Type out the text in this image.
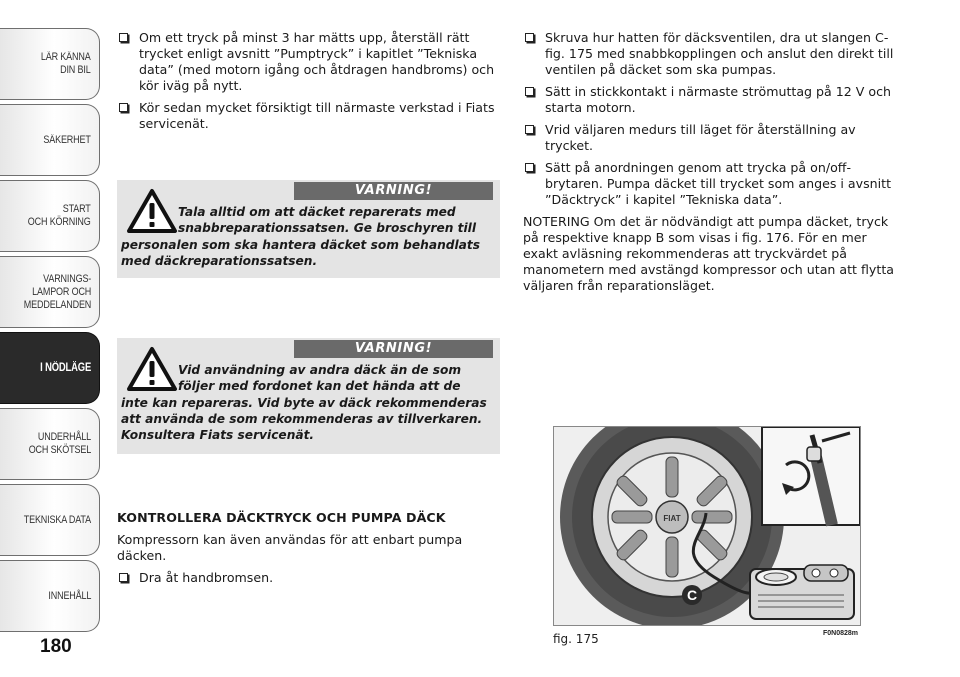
LÄR KÄNNA
DIN BIL
SÄKERHET
START
OCH KÖRNING
VARNINGS-
LAMPOR OCH
MEDDELANDEN
I NÖDLÄGE
UNDERHÅLL
OCH SKÖTSEL
TEKNISKA DATA
INNEHÅLL
180
Om ett tryck på minst 3 har mätts upp, återställ rätt trycket enligt avsnitt ”Pumptryck” i kapitlet ”Tekniska data” (med motorn igång och åtdragen handbroms) och kör iväg på nytt.
Kör sedan mycket försiktigt till närmaste verkstad i Fiats servicenät.
VARNING!
Tala alltid om att däcket reparerats med snabbreparationssatsen. Ge broschyren till
personalen som ska hantera däcket som behandlats med däckreparationssatsen.
VARNING!
Vid användning av andra däck än de som följer med fordonet kan det hända att de
inte kan repareras. Vid byte av däck rekommenderas att använda de som rekommenderas av tillverkaren. Konsultera Fiats servicenät.
KONTROLLERA DÄCKTRYCK OCH PUMPA DÄCK

Kompressorn kan även användas för att enbart pumpa däcken.

Dra åt handbromsen.
Skruva hur hatten för däcksventilen, dra ut slangen C-fig. 175 med snabbkopplingen och anslut den direkt till ventilen på däcket som ska pumpas.
Sätt in stickkontakt i närmaste strömuttag på 12 V och starta motorn.
Vrid väljaren medurs till läget för återställning av trycket.
Sätt på anordningen genom att trycka på on/off-brytaren. Pumpa däcket till trycket som anges i avsnitt ”Däcktryck” i kapitel ”Tekniska data”.

NOTERING Om det är nödvändigt att pumpa däcket, tryck på respektive knapp B som visas i fig. 176. För en mer exakt avläsning rekommenderas att tryckvärdet på manometern med avstängd kompressor och utan att flytta väljaren från reparationsläget.

FIAT
C
fig. 175	F0N0828m
